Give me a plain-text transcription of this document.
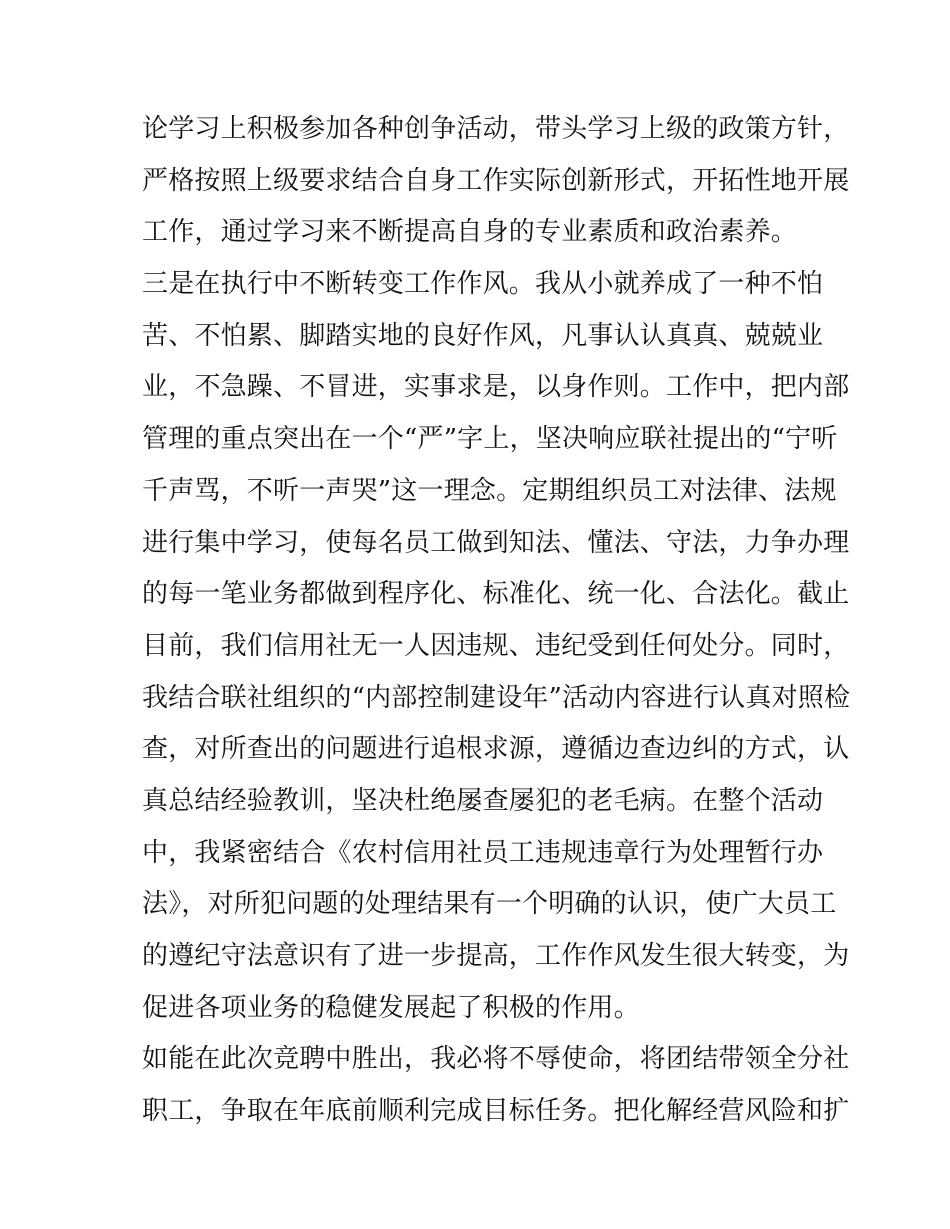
论学习上积极参加各种创争活动，带头学习上级的政策方针，
严格按照上级要求结合自身工作实际创新形式，开拓性地开展
工作，通过学习来不断提高自身的专业素质和政治素养。
三是在执行中不断转变工作作风。我从小就养成了一种不怕
苦、不怕累、脚踏实地的良好作风，凡事认认真真、兢兢业
业，不急躁、不冒进，实事求是，以身作则。工作中，把内部
管理的重点突出在一个“严”字上，坚决响应联社提出的“宁听
千声骂，不听一声哭”这一理念。定期组织员工对法律、法规
进行集中学习，使每名员工做到知法、懂法、守法，力争办理
的每一笔业务都做到程序化、标准化、统一化、合法化。截止
目前，我们信用社无一人因违规、违纪受到任何处分。同时，
我结合联社组织的“内部控制建设年”活动内容进行认真对照检
查，对所查出的问题进行追根求源，遵循边查边纠的方式，认
真总结经验教训，坚决杜绝屡查屡犯的老毛病。在整个活动
中，我紧密结合《农村信用社员工违规违章行为处理暂行办
法》，对所犯问题的处理结果有一个明确的认识，使广大员工
的遵纪守法意识有了进一步提高，工作作风发生很大转变，为
促进各项业务的稳健发展起了积极的作用。
如能在此次竞聘中胜出，我必将不辱使命，将团结带领全分社
职工，争取在年底前顺利完成目标任务。把化解经营风险和扩
